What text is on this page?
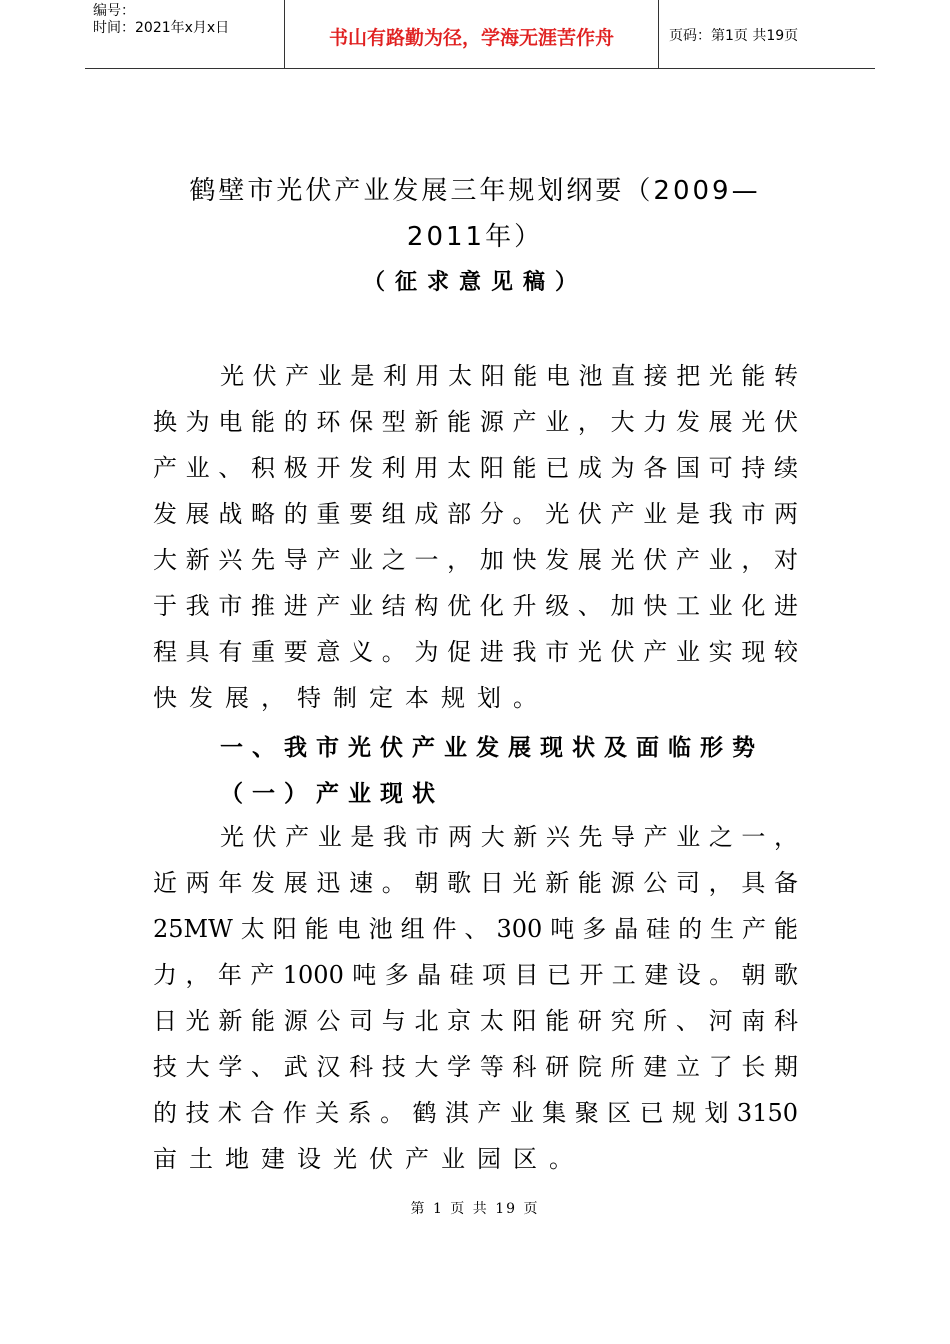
编号：
时间：2021年x月x日	书山有路勤为径，学海无涯苦作舟	页码：第1页 共19页
鹤壁市光伏产业发展三年规划纲要（2009—
2011年）
（征求意见稿）
光伏产业是利用太阳能电池直接把光能转
换为电能的环保型新能源产业，大力发展光伏
产业、积极开发利用太阳能已成为各国可持续
发展战略的重要组成部分。光伏产业是我市两
大新兴先导产业之一，加快发展光伏产业，对
于我市推进产业结构优化升级、加快工业化进
程具有重要意义。为促进我市光伏产业实现较
快发展，特制定本规划。
一、我市光伏产业发展现状及面临形势
（一）产业现状
光伏产业是我市两大新兴先导产业之一，
近两年发展迅速。朝歌日光新能源公司，具备
25MW太阳能电池组件、300吨多晶硅的生产能
力，年产1000吨多晶硅项目已开工建设。朝歌
日光新能源公司与北京太阳能研究所、河南科
技大学、武汉科技大学等科研院所建立了长期
的技术合作关系。鹤淇产业集聚区已规划3150
亩土地建设光伏产业园区。
第 1 页 共 19 页
